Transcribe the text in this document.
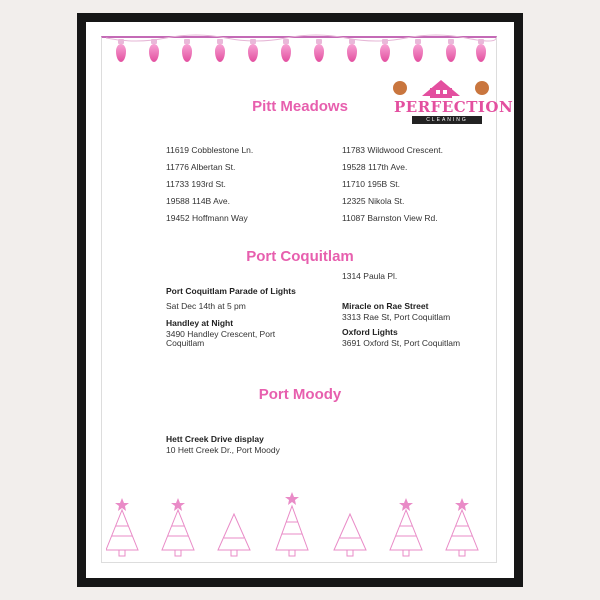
PERFECTION
CLEANING
Pitt Meadows
11619 Cobblestone Ln.
11776 Albertan St.
11733 193rd St.
19588 114B Ave.
19452 Hoffmann Way
11783 Wildwood Crescent.
19528 117th Ave.
11710 195B St.
12325 Nikola St.
11087 Barnston View Rd.
Port Coquitlam
Port Coquitlam Parade of Lights
Sat Dec 14th at 5 pm
Handley at Night
3490 Handley Crescent, Port Coquitlam
1314 Paula Pl.
Miracle on Rae Street
3313 Rae St, Port Coquitlam
Oxford Lights
3691 Oxford St, Port Coquitlam
Port Moody
Hett Creek Drive display
10 Hett Creek Dr., Port Moody
